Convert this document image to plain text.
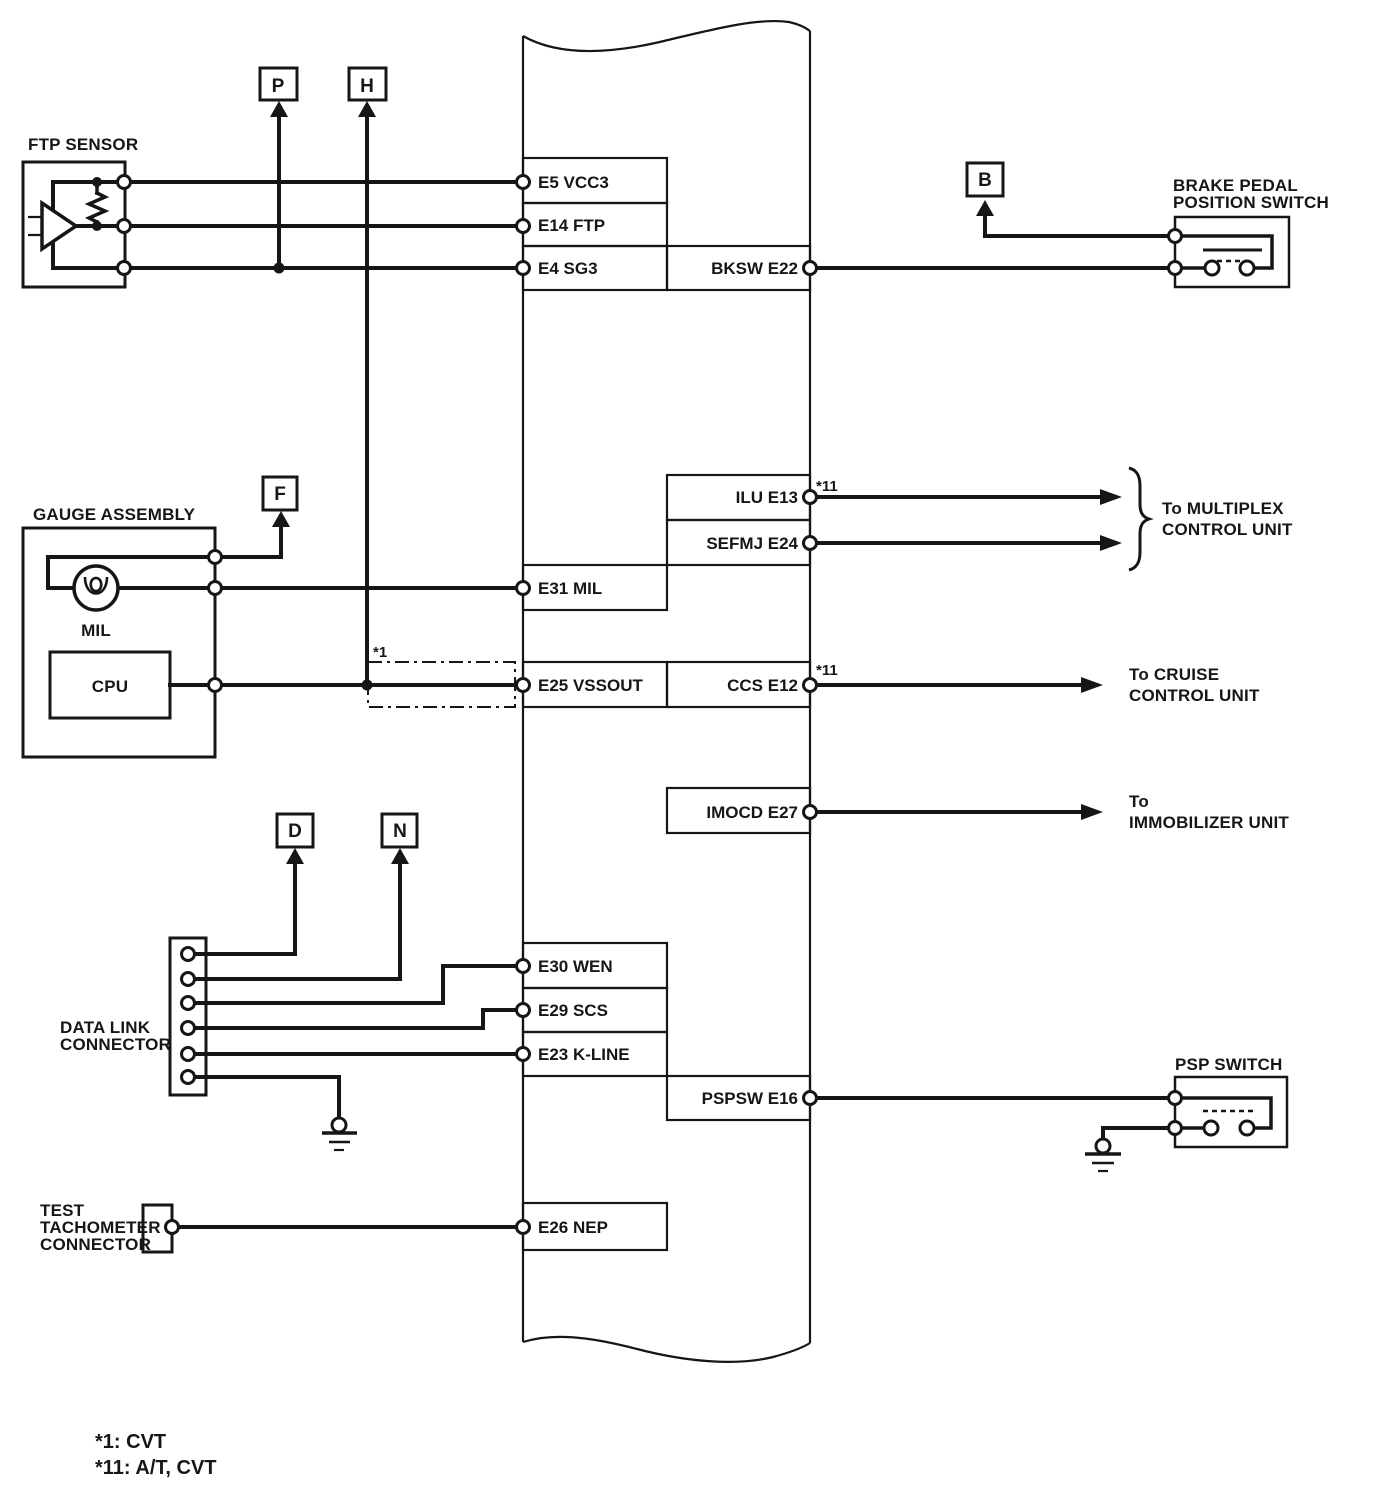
FTP SENSOR
P	H
GAUGE ASSEMBLY
MIL
CPU
F
*1
E5 VCC3
E14 FTP
E4 SG3
E31 MIL
E25 VSSOUT
E30 WEN
E29 SCS
E23 K-LINE
E26 NEP
BKSW E22
ILU E13
SEFMJ E24
CCS E12
IMOCD E27
PSPSW E16
B	BRAKE PEDAL
POSITION SWITCH
*11
To MULTIPLEX
CONTROL UNIT
*11	To CRUISE
CONTROL UNIT
To
IMMOBILIZER UNIT
DATA LINK
CONNECTOR
D	N
PSP SWITCH
TEST
TACHOMETER
CONNECTOR
*1: CVT
*11: A/T, CVT
